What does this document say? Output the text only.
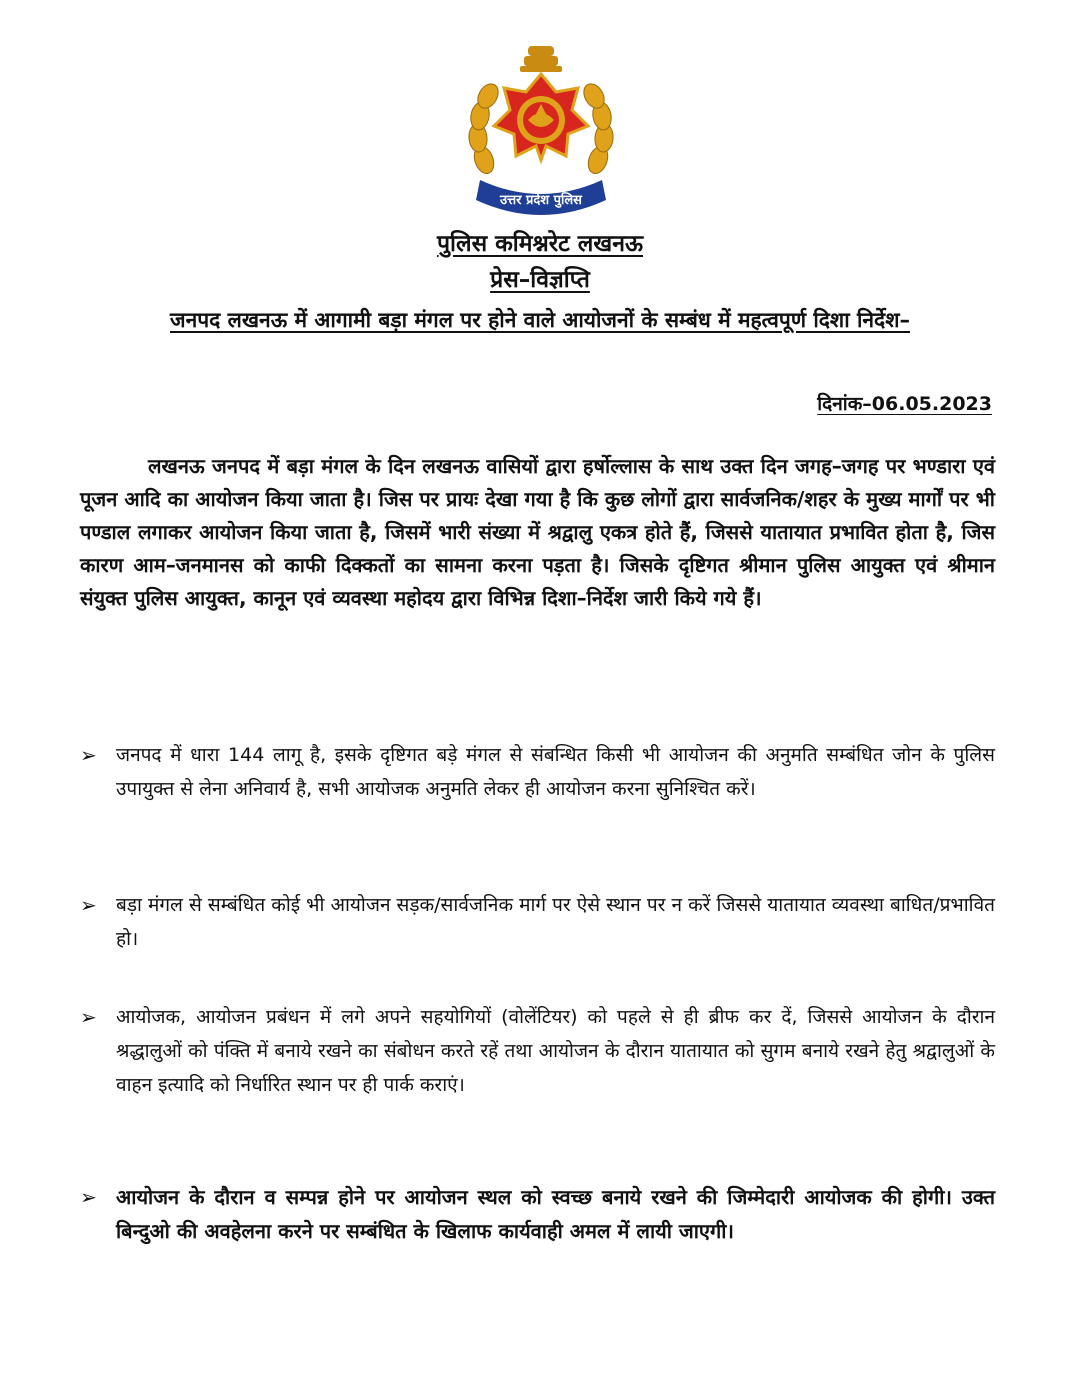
उत्तर प्रदेश पुलिस
पुलिस कमिश्नरेट लखनऊ
प्रेस–विज्ञप्ति
जनपद लखनऊ में आगामी बड़ा मंगल पर होने वाले आयोजनों के सम्बंध में महत्वपूर्ण दिशा निर्देश–
दिनांक–06.05.2023

लखनऊ जनपद में बड़ा मंगल के दिन लखनऊ वासियों द्वारा हर्षोल्लास के साथ उक्त दिन जगह–जगह पर भण्डारा एवं पूजन आदि का आयोजन किया जाता है। जिस पर प्रायः देखा गया है कि कुछ लोगों द्वारा सार्वजनिक/शहर के मुख्य मार्गों पर भी पण्डाल लगाकर आयोजन किया जाता है, जिसमें भारी संख्या में श्रद्वालु एकत्र होते हैं, जिससे यातायात प्रभावित होता है, जिस कारण आम–जनमानस को काफी दिक्कतों का सामना करना पड़ता है। जिसके दृष्टिगत श्रीमान पुलिस आयुक्त एवं श्रीमान संयुक्त पुलिस आयुक्त, कानून एवं व्यवस्था महोदय द्वारा विभिन्न दिशा–निर्देश जारी किये गये हैं।

➢	जनपद में धारा 144 लागू है, इसके दृष्टिगत बड़े मंगल से संबन्धित किसी भी आयोजन की अनुमति सम्बंधित जोन के पुलिस उपायुक्त से लेना अनिवार्य है, सभी आयोजक अनुमति लेकर ही आयोजन करना सुनिश्चित करें।
➢	बड़ा मंगल से सम्बंधित कोई भी आयोजन सड़क/सार्वजनिक मार्ग पर ऐसे स्थान पर न करें जिससे यातायात व्यवस्था बाधित/प्रभावित हो।
➢	आयोजक, आयोजन प्रबंधन में लगे अपने सहयोगियों (वोलेंटियर) को पहले से ही ब्रीफ कर दें, जिससे आयोजन के दौरान श्रद्धालुओं को पंक्ति में बनाये रखने का संबोधन करते रहें तथा आयोजन के दौरान यातायात को सुगम बनाये रखने हेतु श्रद्वालुओं के वाहन इत्यादि को निर्धारित स्थान पर ही पार्क कराएं।
➢ आयोजन के दौरान व सम्पन्न होने पर आयोजन स्थल को स्वच्छ बनाये रखने की जिम्मेदारी आयोजक की होगी। उक्त बिन्दुओ की अवहेलना करने पर सम्बंधित के खिलाफ कार्यवाही अमल में लायी जाएगी।
